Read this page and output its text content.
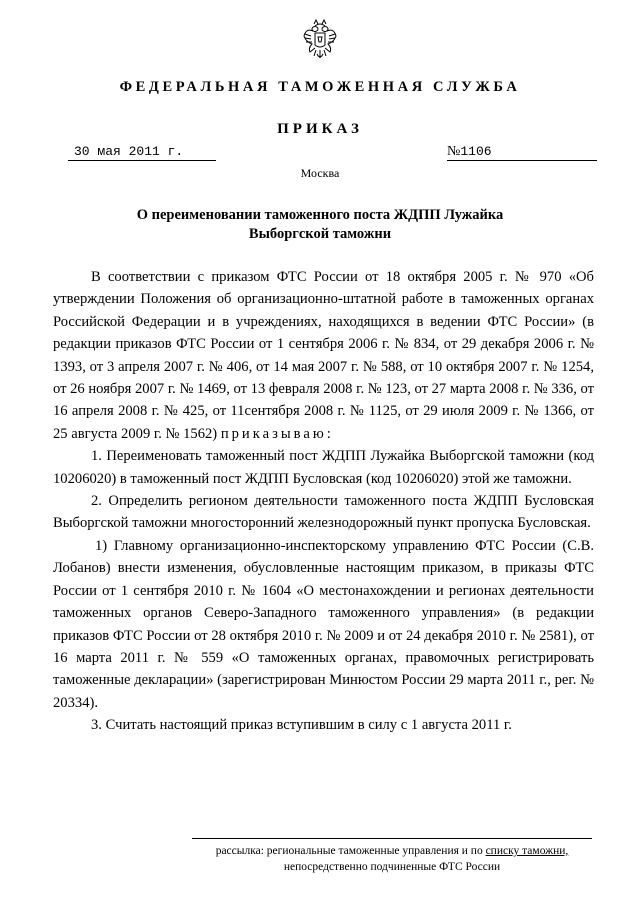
ФЕДЕРАЛЬНАЯ ТАМОЖЕННАЯ СЛУЖБА
ПРИКАЗ
30 мая 2011 г.	№1106
Москва
О переименовании таможенного поста ЖДПП Лужайка
Выборгской таможни

В соответствии с приказом ФТС России от 18 октября 2005 г. № 970 «Об утверждении Положения об организационно-штатной работе в таможенных органах Российской Федерации и в учреждениях, находящихся в ведении ФТС России» (в редакции приказов ФТС России от 1 сентября 2006 г. № 834, от 29 декабря 2006 г. № 1393, от 3 апреля 2007 г. № 406, от 14 мая 2007 г. № 588, от 10 октября 2007 г. № 1254, от 26 ноября 2007 г. № 1469, от 13 февраля 2008 г. № 123, от 27 марта 2008 г. № 336, от 16 апреля 2008 г. № 425, от 11сентября 2008 г. № 1125, от 29 июля 2009 г. № 1366, от 25 августа 2009 г. № 1562) приказываю:

1. Переименовать таможенный пост ЖДПП Лужайка Выборгской таможни (код 10206020) в таможенный пост ЖДПП Бусловская (код 10206020) этой же таможни.

2. Определить регионом деятельности таможенного поста ЖДПП Бусловская Выборгской таможни многосторонний железнодорожный пункт пропуска Бусловская.

1) Главному организационно-инспекторскому управлению ФТС России (С.В. Лобанов) внести изменения, обусловленные настоящим приказом, в приказы ФТС России от 1 сентября 2010 г. № 1604 «О местонахождении и регионах деятельности таможенных органов Северо-Западного таможенного управления» (в редакции приказов ФТС России от 28 октября 2010 г. № 2009 и от 24 декабря 2010 г. № 2581), от 16 марта 2011 г. № 559 «О таможенных органах, правомочных регистрировать таможенные декларации» (зарегистрирован Минюстом России 29 марта 2011 г., рег. № 20334).

3. Считать настоящий приказ вступившим в силу с 1 августа 2011 г.

рассылка: региональные таможенные управления и по списку таможни,
непосредственно подчиненные ФТС России
